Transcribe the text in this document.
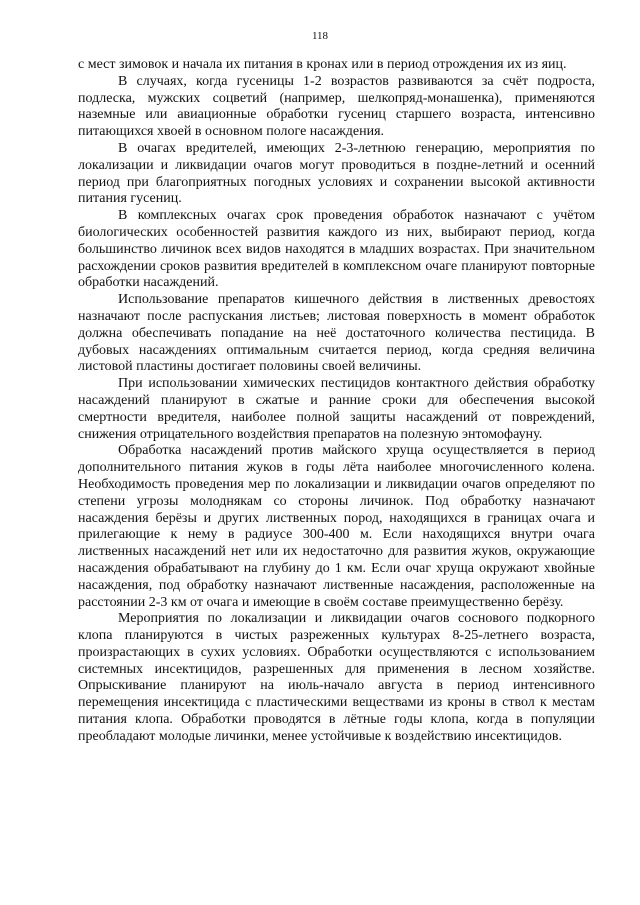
118

с мест зимовок и начала их питания в кронах или в период отрождения их из яиц.

В случаях, когда гусеницы 1-2 возрастов развиваются за счёт подроста, подлеска, мужских соцветий (например, шелкопряд-монашенка), применяются наземные или авиационные обработки гусениц старшего возраста, интенсивно питающихся хвоей в основном пологе насаждения.

В очагах вредителей, имеющих 2-3-летнюю генерацию, мероприятия по локализации и ликвидации очагов могут проводиться в поздне-летний и осенний период при благоприятных погодных условиях и сохранении высокой активности питания гусениц.

В комплексных очагах срок проведения обработок назначают с учётом биологических особенностей развития каждого из них, выбирают период, когда большинство личинок всех видов находятся в младших возрастах. При значительном расхождении сроков развития вредителей в комплексном очаге планируют повторные обработки насаждений.

Использование препаратов кишечного действия в лиственных древостоях назначают после распускания листьев; листовая поверхность в момент обработок должна обеспечивать попадание на неё достаточного количества пестицида. В дубовых насаждениях оптимальным считается период, когда средняя величина листовой пластины достигает половины своей величины.

При использовании химических пестицидов контактного действия обработку насаждений планируют в сжатые и ранние сроки для обеспечения высокой смертности вредителя, наиболее полной защиты насаждений от повреждений, снижения отрицательного воздействия препаратов на полезную энтомофауну.

Обработка насаждений против майского хруща осуществляется в период дополнительного питания жуков в годы лёта наиболее многочисленного колена. Необходимость проведения мер по локализации и ликвидации очагов определяют по степени угрозы молоднякам со стороны личинок. Под обработку назначают насаждения берёзы и других лиственных пород, находящихся в границах очага и прилегающие к нему в радиусе 300-400 м. Если находящихся внутри очага лиственных насаждений нет или их недостаточно для развития жуков, окружающие насаждения обрабатывают на глубину до 1 км. Если очаг хруща окружают хвойные насаждения, под обработку назначают лиственные насаждения, расположенные на расстоянии 2-3 км от очага и имеющие в своём составе преимущественно берёзу.

Мероприятия по локализации и ликвидации очагов соснового подкорного клопа планируются в чистых разреженных культурах 8-25-летнего возраста, произрастающих в сухих условиях. Обработки осуществляются с использованием системных инсектицидов, разрешенных для применения в лесном хозяйстве. Опрыскивание планируют на июль-начало августа в период интенсивного перемещения инсектицида с пластическими веществами из кроны в ствол к местам питания клопа. Обработки проводятся в лётные годы клопа, когда в популяции преобладают молодые личинки, менее устойчивые к воздействию инсектицидов.
